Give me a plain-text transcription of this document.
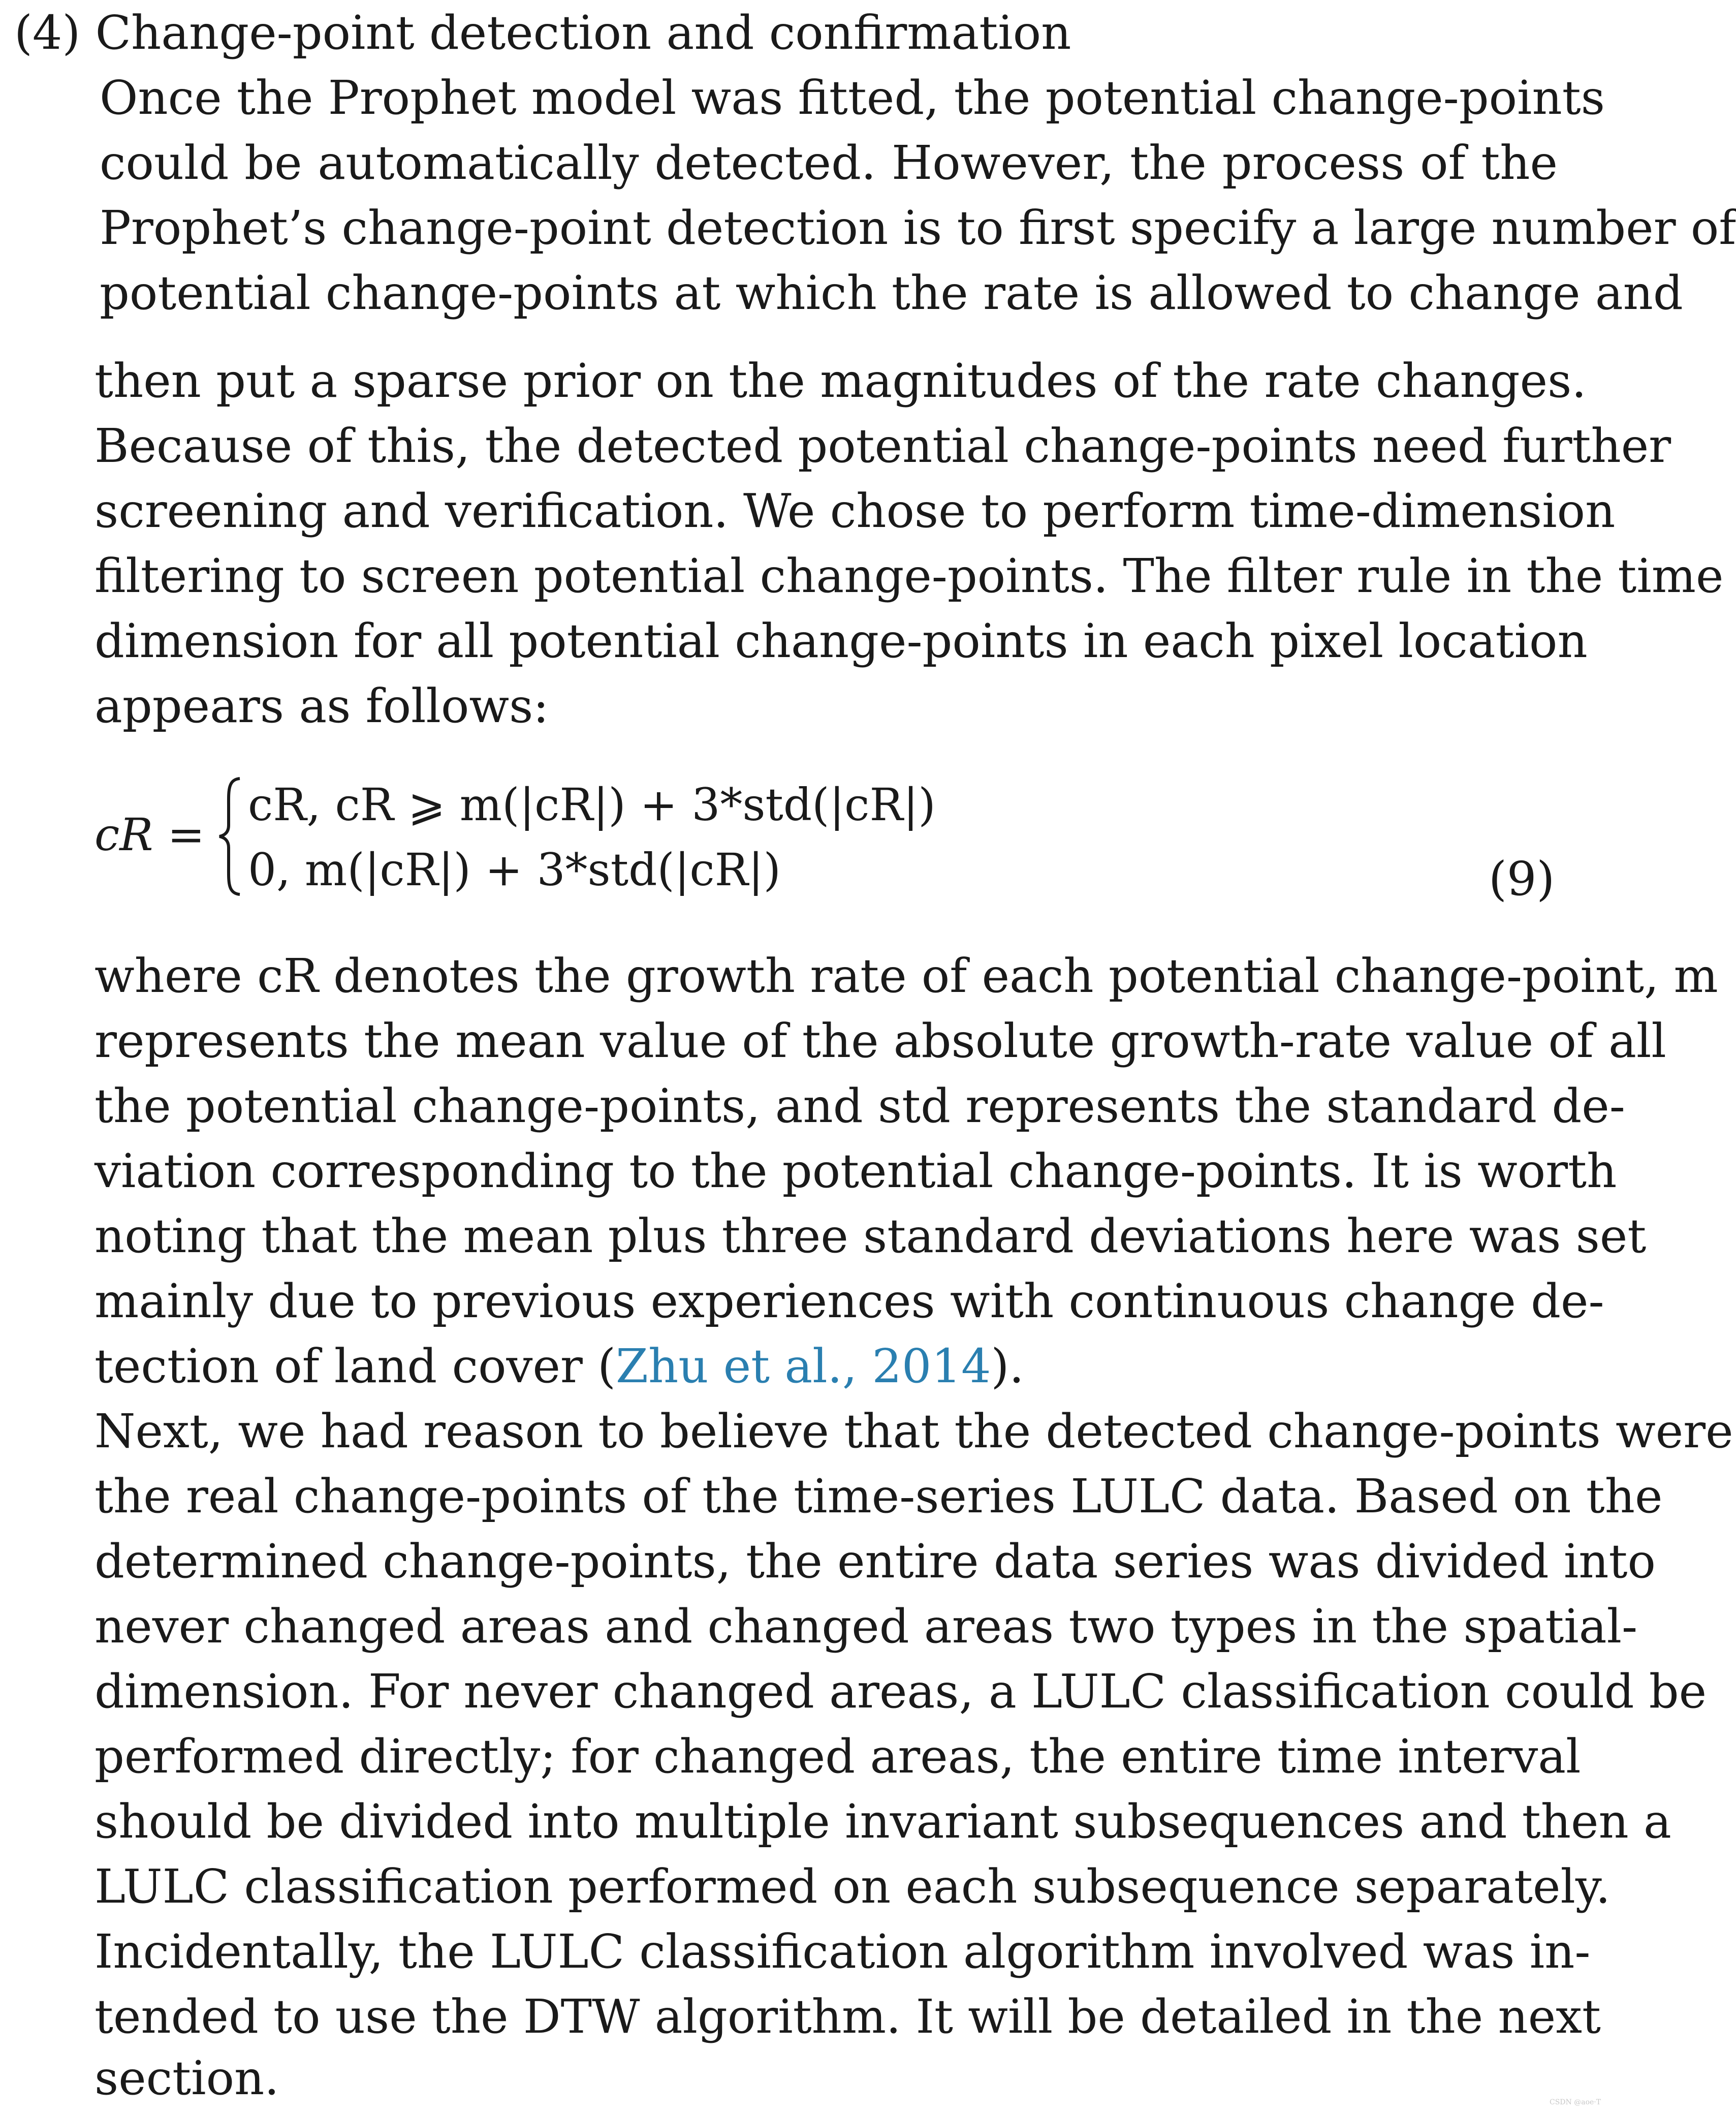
(4) Change-point detection and confirmation
Once the Prophet model was fitted, the potential change-points
could be automatically detected. However, the process of the
Prophet’s change-point detection is to first specify a large number of
potential change-points at which the rate is allowed to change and
then put a sparse prior on the magnitudes of the rate changes.
Because of this, the detected potential change-points need further
screening and verification. We chose to perform time-dimension
filtering to screen potential change-points. The filter rule in the time
dimension for all potential change-points in each pixel location
appears as follows:
cR =
cR, cR ⩾ m(|cR|) + 3*std(|cR|)
0, m(|cR|) + 3*std(|cR|)	(9)
where cR denotes the growth rate of each potential change-point, m
represents the mean value of the absolute growth-rate value of all
the potential change-points, and std represents the standard de-
viation corresponding to the potential change-points. It is worth
noting that the mean plus three standard deviations here was set
mainly due to previous experiences with continuous change de-
tection of land cover (Zhu et al., 2014).
Next, we had reason to believe that the detected change-points were
the real change-points of the time-series LULC data. Based on the
determined change-points, the entire data series was divided into
never changed areas and changed areas two types in the spatial-
dimension. For never changed areas, a LULC classification could be
performed directly; for changed areas, the entire time interval
should be divided into multiple invariant subsequences and then a
LULC classification performed on each subsequence separately.
Incidentally, the LULC classification algorithm involved was in-
tended to use the DTW algorithm. It will be detailed in the next
section.	CSDN @aoe·T
